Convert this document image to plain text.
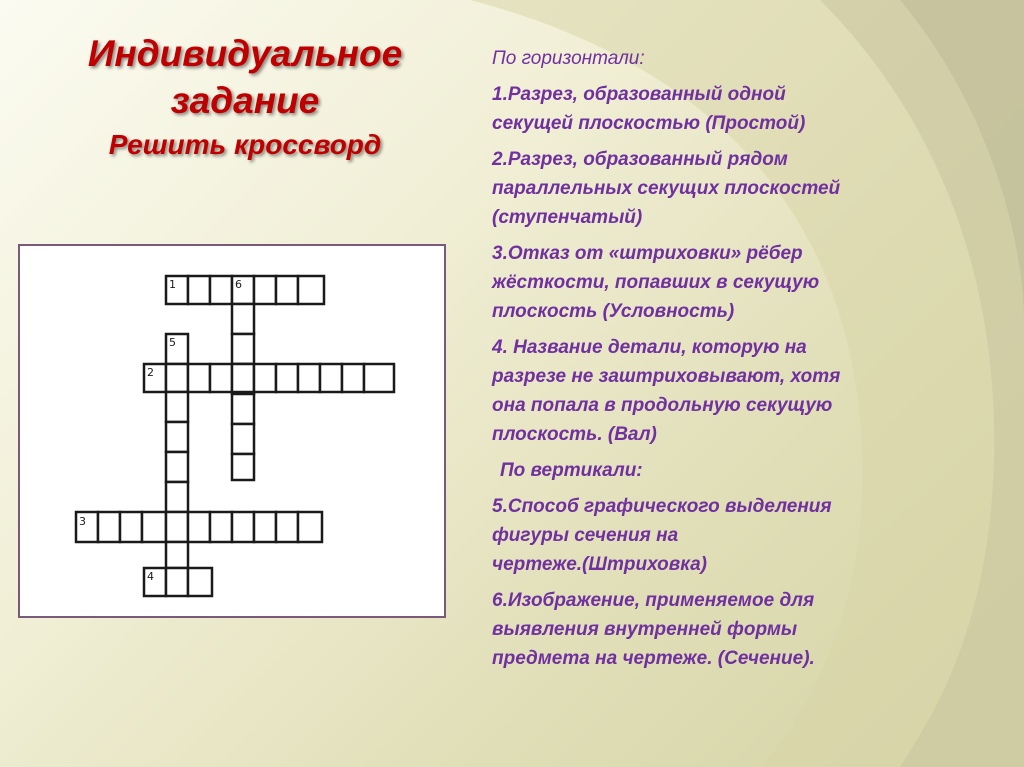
Индивидуальное
задание
Решить кроссворд
1	6
5
2
3
4
По горизонтали:
1.Разрез, образованный одной
секущей плоскостью (Простой)
2.Разрез, образованный рядом
параллельных секущих плоскостей
(ступенчатый)
3.Отказ от «штриховки» рёбер
жёсткости, попавших в секущую
плоскость (Условность)
4. Название детали, которую на
разрезе не заштриховывают, хотя
она попала в продольную секущую
плоскость. (Вал)
По вертикали:
5.Способ графического выделения
фигуры сечения на
чертеже.(Штриховка)
6.Изображение, применяемое для
выявления внутренней формы
предмета на чертеже. (Сечение).
